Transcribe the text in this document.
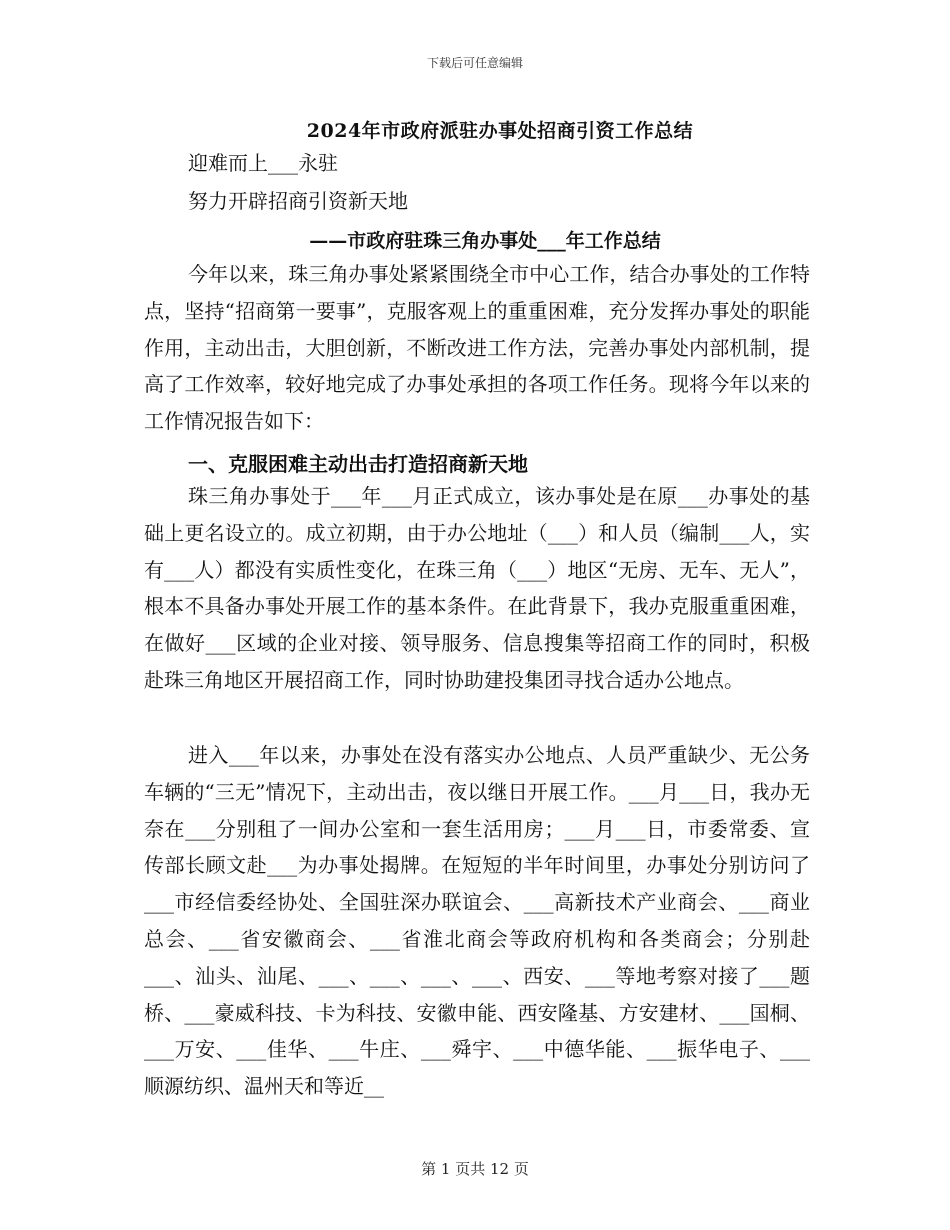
下载后可任意编辑
2024年市政府派驻办事处招商引资工作总结
迎难而上___永驻
努力开辟招商引资新天地
——市政府驻珠三角办事处___年工作总结
今年以来，珠三角办事处紧紧围绕全市中心工作，结合办事处的工作特点，坚持“招商第一要事”，克服客观上的重重困难，充分发挥办事处的职能作用，主动出击，大胆创新，不断改进工作方法，完善办事处内部机制，提高了工作效率，较好地完成了办事处承担的各项工作任务。现将今年以来的工作情况报告如下：
一、克服困难主动出击打造招商新天地
珠三角办事处于___年___月正式成立，该办事处是在原___办事处的基础上更名设立的。成立初期，由于办公地址（___）和人员（编制___人，实有___人）都没有实质性变化，在珠三角（___）地区“无房、无车、无人”，根本不具备办事处开展工作的基本条件。在此背景下，我办克服重重困难，在做好___区域的企业对接、领导服务、信息搜集等招商工作的同时，积极赴珠三角地区开展招商工作，同时协助建投集团寻找合适办公地点。
进入___年以来，办事处在没有落实办公地点、人员严重缺少、无公务车辆的“三无”情况下，主动出击，夜以继日开展工作。___月___日，我办无奈在___分别租了一间办公室和一套生活用房；___月___日，市委常委、宣传部长顾文赴___为办事处揭牌。在短短的半年时间里，办事处分别访问了___市经信委经协处、全国驻深办联谊会、___高新技术产业商会、___商业总会、___省安徽商会、___省淮北商会等政府机构和各类商会；分别赴___、汕头、汕尾、___、___、___、___、西安、___等地考察对接了___题桥、___豪威科技、卡为科技、安徽申能、西安隆基、方安建材、___国桐、___万安、___佳华、___牛庄、___舜宇、___中德华能、___振华电子、___顺源纺织、温州天和等近__
第 1 页共 12 页
